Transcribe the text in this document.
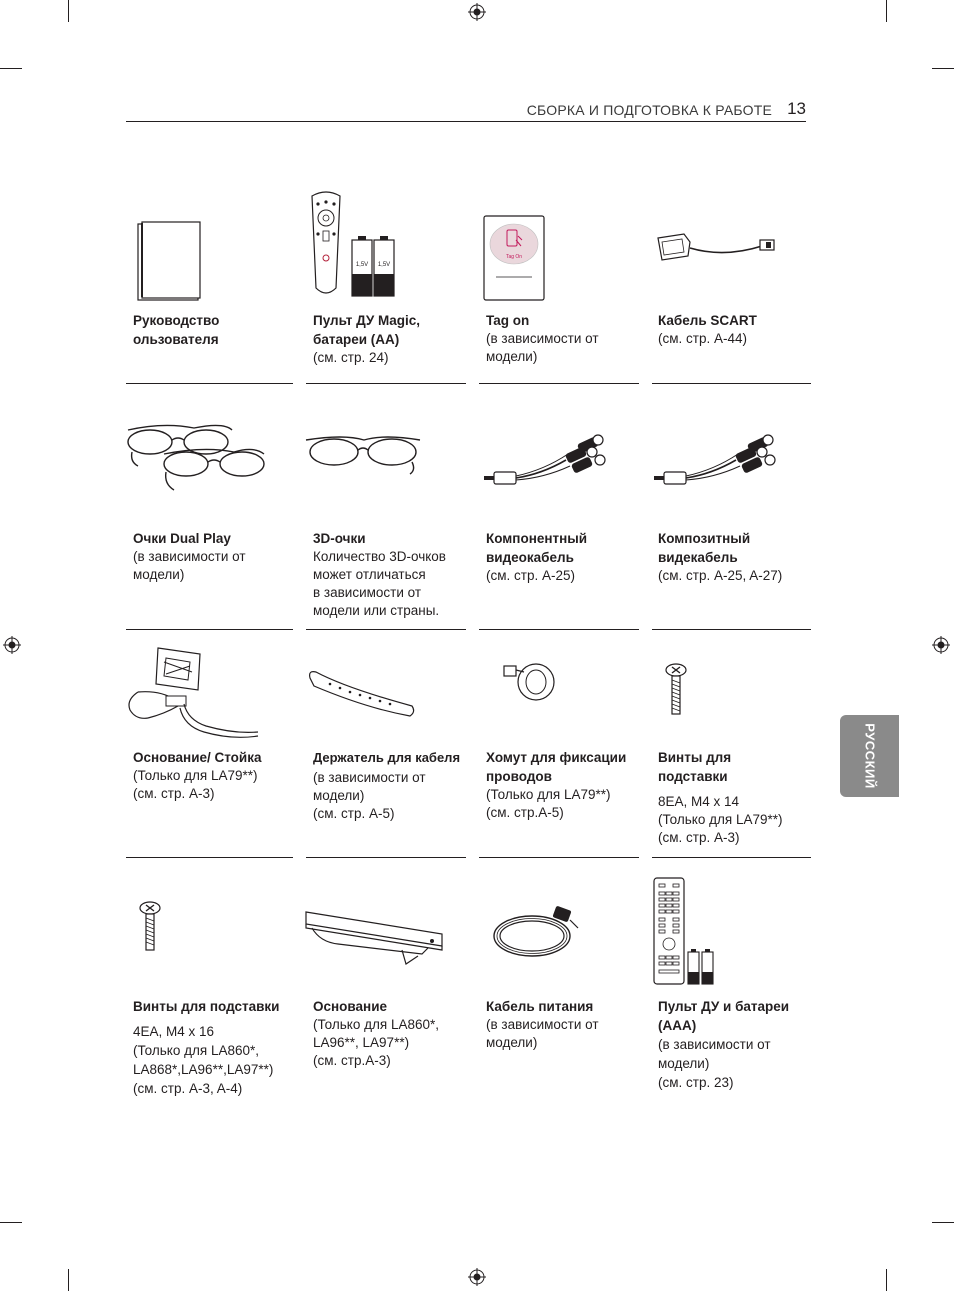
СБОРКА И ПОДГОТОВКА К РАБОТЕ 13
РУССКИЙ
Руководство
ользователя
1,5V 1,5V
Пульт ДУ Magic,
батареи (AA)
(см. стр. 24)
Tag On
Tag on
(в зависимости от
модели)
Кабель SCART
(см. стр. A-44)
Очки Dual Play
(в зависимости от
модели)
3D-очки
Количество 3D-очков
может отличаться
в зависимости от
модели или страны.
Компонентный
видеокабель
(см. стр. A-25)
Композитный
видекабель
(см. стр. A-25, A-27)
Основание/ Стойка
(Только для LA79**)
(см. стр. A-3)
Держатель для кабеля
(в зависимости от
модели)
(см. стр. A-5)
Хомут для фиксации
проводов
(Только для LA79**)
(см. стр.A-5)
Винты для
подставки
8EA, M4 x 14
(Только для LA79**)
(см. стр. A-3)
Винты для подставки
4EA, M4 x 16
(Только для LA860*,
LA868*,LA96**,LA97**)
(см. стр. A-3, A-4)
Основание
(Только для LA860*,
LA96**, LA97**)
(см. стр.A-3)
Кабель питания
(в зависимости от
модели)
Пульт ДУ и батареи
(AAA)
(в зависимости от
модели)
(см. стр. 23)
